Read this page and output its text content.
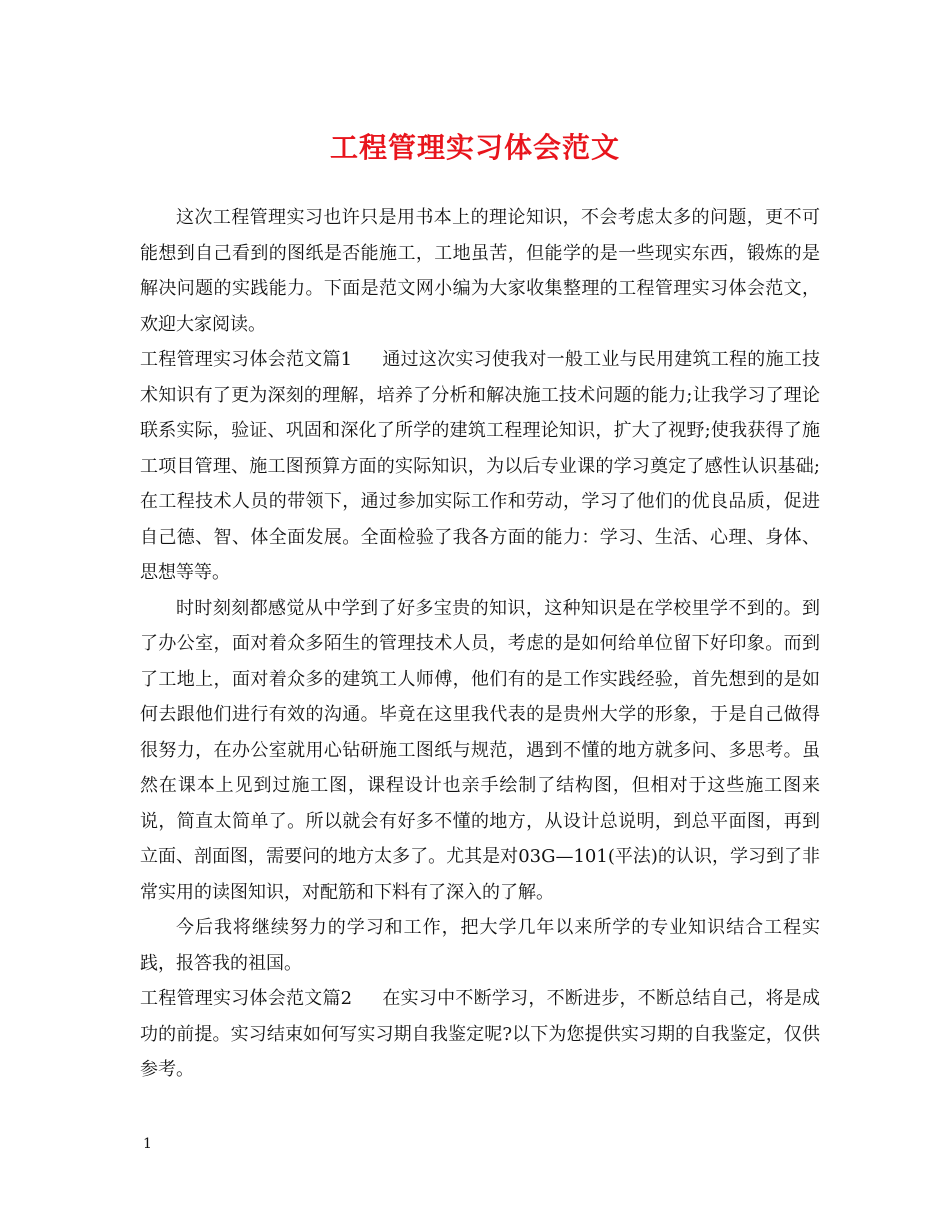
工程管理实习体会范文

这次工程管理实习也许只是用书本上的理论知识，不会考虑太多的问题，更不可能想到自己看到的图纸是否能施工，工地虽苦，但能学的是一些现实东西，锻炼的是解决问题的实践能力。下面是范文网小编为大家收集整理的工程管理实习体会范文，欢迎大家阅读。

工程管理实习体会范文篇1 通过这次实习使我对一般工业与民用建筑工程的施工技术知识有了更为深刻的理解，培养了分析和解决施工技术问题的能力;让我学习了理论联系实际，验证、巩固和深化了所学的建筑工程理论知识，扩大了视野;使我获得了施工项目管理、施工图预算方面的实际知识，为以后专业课的学习奠定了感性认识基础;在工程技术人员的带领下，通过参加实际工作和劳动，学习了他们的优良品质，促进自己德、智、体全面发展。全面检验了我各方面的能力：学习、生活、心理、身体、思想等等。

时时刻刻都感觉从中学到了好多宝贵的知识，这种知识是在学校里学不到的。到了办公室，面对着众多陌生的管理技术人员，考虑的是如何给单位留下好印象。而到了工地上，面对着众多的建筑工人师傅，他们有的是工作实践经验，首先想到的是如何去跟他们进行有效的沟通。毕竟在这里我代表的是贵州大学的形象，于是自己做得很努力，在办公室就用心钻研施工图纸与规范，遇到不懂的地方就多问、多思考。虽然在课本上见到过施工图，课程设计也亲手绘制了结构图，但相对于这些施工图来说，简直太简单了。所以就会有好多不懂的地方，从设计总说明，到总平面图，再到立面、剖面图，需要问的地方太多了。尤其是对03G—101(平法)的认识，学习到了非常实用的读图知识，对配筋和下料有了深入的了解。

今后我将继续努力的学习和工作，把大学几年以来所学的专业知识结合工程实践，报答我的祖国。

工程管理实习体会范文篇2 在实习中不断学习，不断进步，不断总结自己，将是成功的前提。实习结束如何写实习期自我鉴定呢?以下为您提供实习期的自我鉴定，仅供参考。

1
